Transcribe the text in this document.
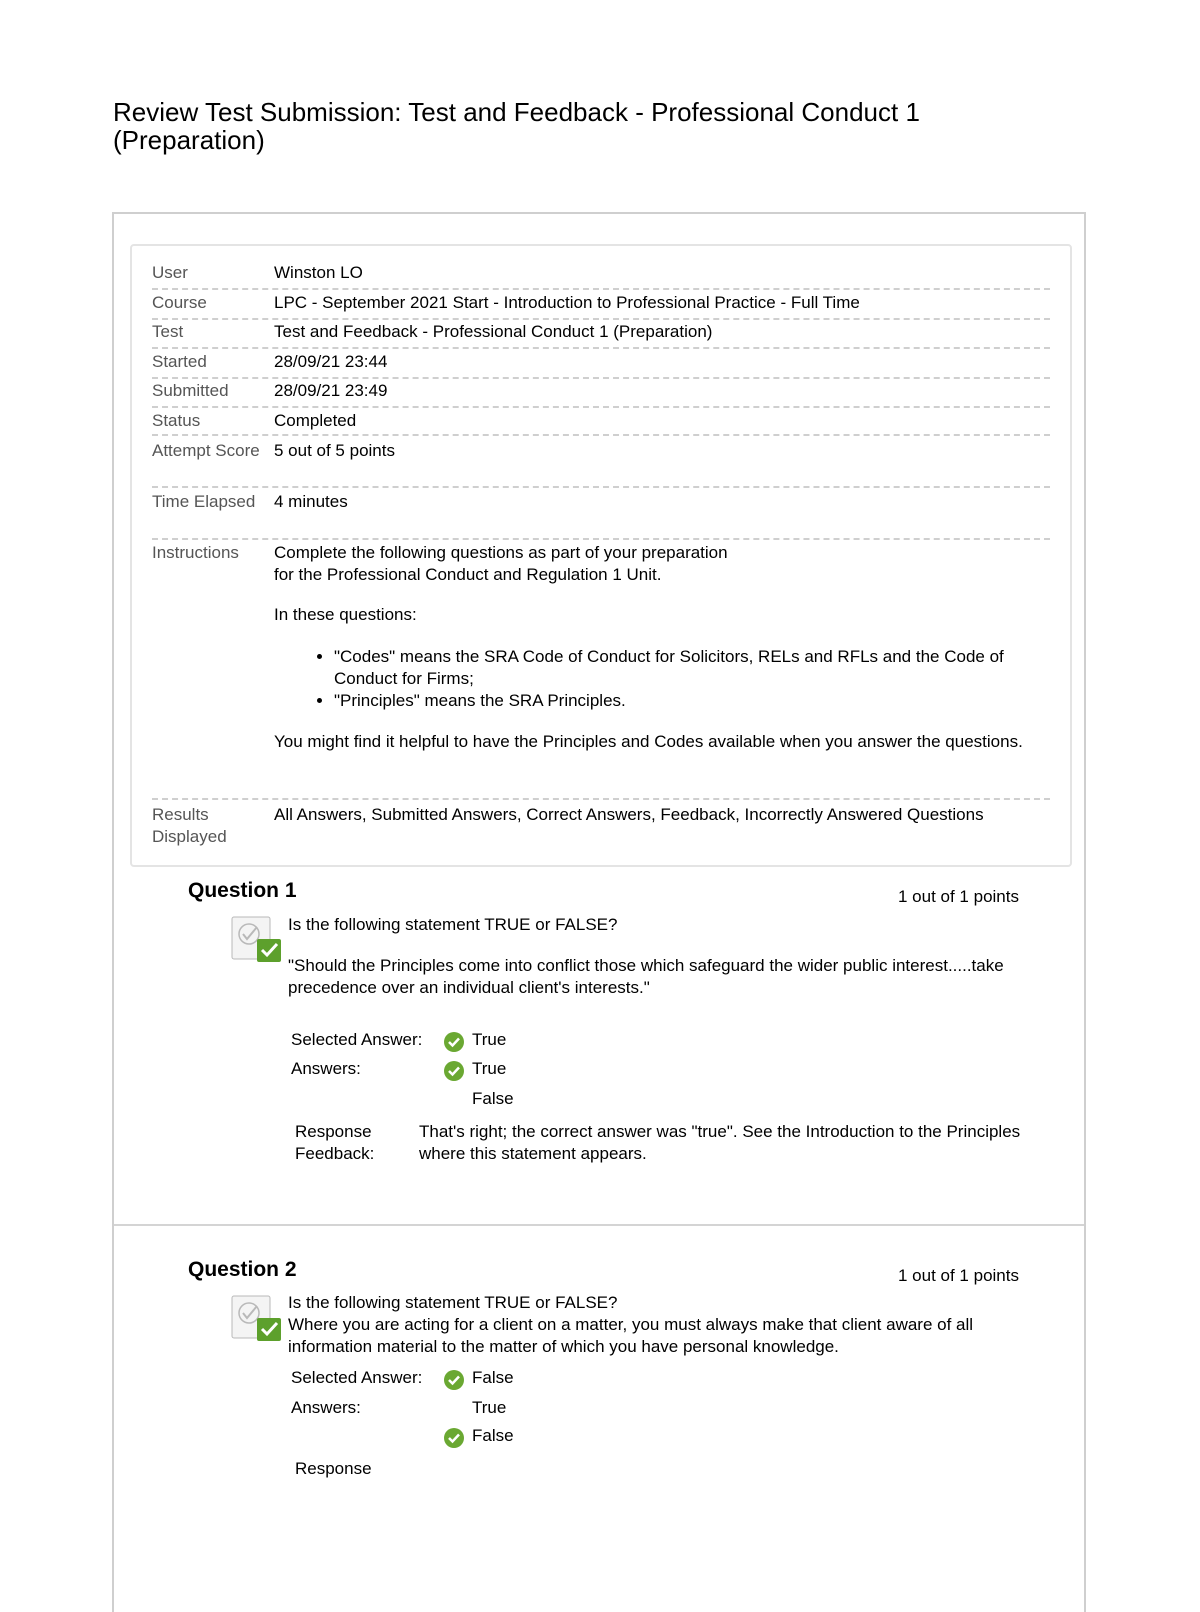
Review Test Submission: Test and Feedback - Professional Conduct 1 (Preparation)
User	Winston LO
Course	LPC - September 2021 Start - Introduction to Professional Practice - Full Time
Test	Test and Feedback - Professional Conduct 1 (Preparation)
Started	28/09/21 23:44
Submitted	28/09/21 23:49
Status	Completed
Attempt Score 5 out of 5 points
Time Elapsed	4 minutes
Instructions	Complete the following questions as part of your preparation

for the Professional Conduct and Regulation 1 Unit.

In these questions:

• "Codes" means the SRA Code of Conduct for Solicitors, RELs and RFLs and the Code of Conduct for Firms;
• "Principles" means the SRA Principles.

You might find it helpful to have the Principles and Codes available when you answer the questions.

Results Displayed
All Answers, Submitted Answers, Correct Answers, Feedback, Incorrectly Answered Questions
Question 1	1 out of 1 points
Is the following statement TRUE or FALSE?
"Should the Principles come into conflict those which safeguard the wider public interest.....take precedence over an individual client's interests."
Selected Answer:	True
Answers:	True
False
Response
Feedback:
That's right; the correct answer was "true". See the Introduction to the Principles where this statement appears.
Question 2	1 out of 1 points
Is the following statement TRUE or FALSE?
Where you are acting for a client on a matter, you must always make that client aware of all information material to the matter of which you have personal knowledge.
Selected Answer:	False
Answers:	True
False
Response
